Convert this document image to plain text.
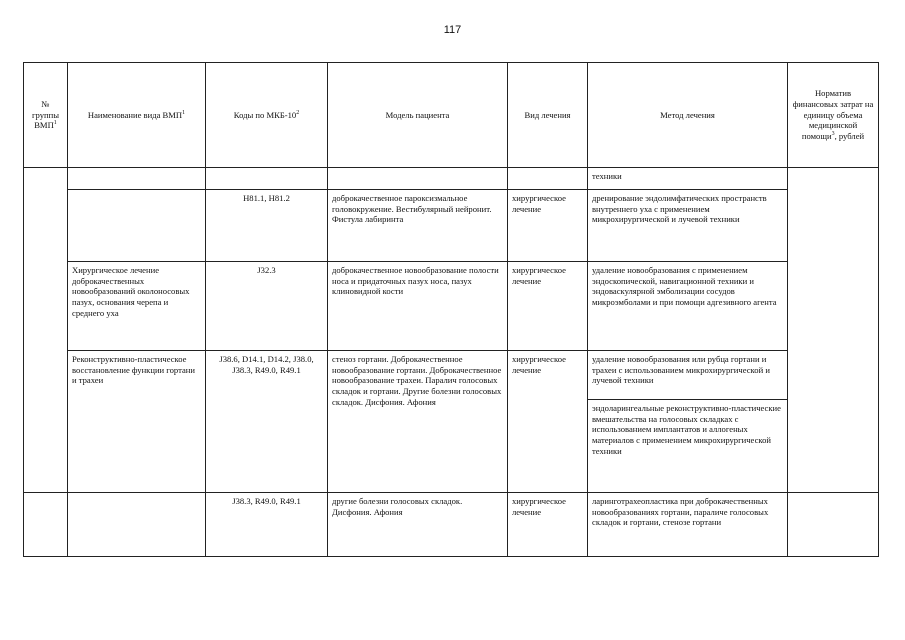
117
№ группы ВМП$^1$	Наименование вида ВМП$^1$	Коды по МКБ-$10^2$	Модель пациента	Вид лечения	Метод лечения	Норматив финансовых затрат на единицу объема медицинской помощи$^3$, рублей
					техники	
		H81.1, H81.2	доброкачественное пароксизмальное головокружение. Вестибулярный нейронит. Фистула лабиринта	хирургическое лечение	дренирование эндолимфатических пространств внутреннего уха с применением микрохирургической и лучевой техники	
	Хирургическое лечение доброкачественных новообразований околоносовых пазух, основания черепа и среднего уха	J32.3	доброкачественное новообразование полости носа и придаточных пазух носа, пазух клиновидной кости	хирургическое лечение	удаление новообразования с применением эндоскопической, навигационной техники и эндоваскулярной эмболизации сосудов микроэмболами и при помощи адгезивного агента	
	Реконструктивно-пластическое восстановление функции гортани и трахеи	J38.6, D14.1, D14.2, J38.0, J38.3, R49.0, R49.1	стеноз гортани. Доброкачественное новообразование гортани. Доброкачественное новообразование трахеи. Паралич голосовых складок и гортани. Другие болезни голосовых складок. Дисфония. Афония	хирургическое лечение	удаление новообразования или рубца гортани и трахеи с использованием микрохирургической и лучевой техники	
					эндоларингеальные реконструктивно-пластические вмешательства на голосовых складках с использованием имплантатов и аллогеных материалов с применением микрохирургической техники	
		J38.3, R49.0, R49.1	другие болезни голосовых складок. Дисфония. Афония	хирургическое лечение	ларинготрахеопластика при доброкачественных новообразованиях гортани, параличе голосовых складок и гортани, стенозе гортани	
